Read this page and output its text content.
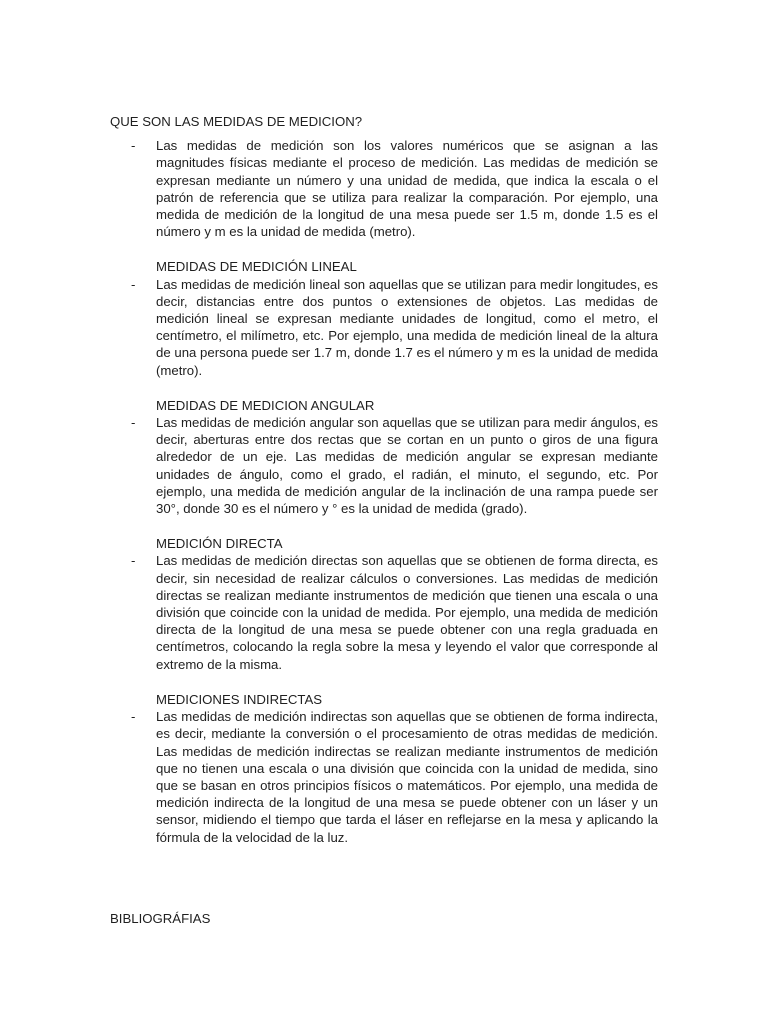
QUE SON LAS MEDIDAS DE MEDICION?

-	Las medidas de medición son los valores numéricos que se asignan a las magnitudes físicas mediante el proceso de medición. Las medidas de medición se expresan mediante un número y una unidad de medida, que indica la escala o el patrón de referencia que se utiliza para realizar la comparación. Por ejemplo, una medida de medición de la longitud de una mesa puede ser 1.5 m, donde 1.5 es el número y m es la unidad de medida (metro).

MEDIDAS DE MEDICIÓN LINEAL

-	Las medidas de medición lineal son aquellas que se utilizan para medir longitudes, es decir, distancias entre dos puntos o extensiones de objetos. Las medidas de medición lineal se expresan mediante unidades de longitud, como el metro, el centímetro, el milímetro, etc. Por ejemplo, una medida de medición lineal de la altura de una persona puede ser 1.7 m, donde 1.7 es el número y m es la unidad de medida (metro).

MEDIDAS DE MEDICION ANGULAR

-	Las medidas de medición angular son aquellas que se utilizan para medir ángulos, es decir, aberturas entre dos rectas que se cortan en un punto o giros de una figura alrededor de un eje. Las medidas de medición angular se expresan mediante unidades de ángulo, como el grado, el radián, el minuto, el segundo, etc. Por ejemplo, una medida de medición angular de la inclinación de una rampa puede ser 30°, donde 30 es el número y ° es la unidad de medida (grado).

MEDICIÓN DIRECTA

-	Las medidas de medición directas son aquellas que se obtienen de forma directa, es decir, sin necesidad de realizar cálculos o conversiones. Las medidas de medición directas se realizan mediante instrumentos de medición que tienen una escala o una división que coincide con la unidad de medida. Por ejemplo, una medida de medición directa de la longitud de una mesa se puede obtener con una regla graduada en centímetros, colocando la regla sobre la mesa y leyendo el valor que corresponde al extremo de la misma.

MEDICIONES INDIRECTAS

-	Las medidas de medición indirectas son aquellas que se obtienen de forma indirecta, es decir, mediante la conversión o el procesamiento de otras medidas de medición. Las medidas de medición indirectas se realizan mediante instrumentos de medición que no tienen una escala o una división que coincida con la unidad de medida, sino que se basan en otros principios físicos o matemáticos. Por ejemplo, una medida de medición indirecta de la longitud de una mesa se puede obtener con un láser y un sensor, midiendo el tiempo que tarda el láser en reflejarse en la mesa y aplicando la fórmula de la velocidad de la luz.

BIBLIOGRÁFIAS
